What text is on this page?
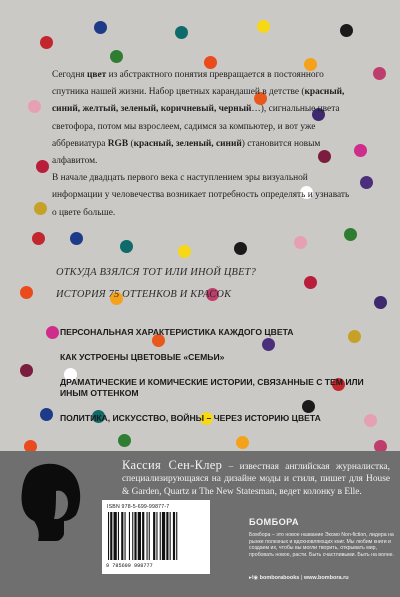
Сегодня цвет из абстрактного понятия превращается в постоянного спутника нашей жизни. Набор цветных карандашей в детстве (красный, синий, желтый, зеленый, коричневый, черный…), сигнальные цвета светофора, потом мы взрослеем, садимся за компьютер, и вот уже аббревиатура RGB (красный, зеленый, синий) становится новым алфавитом.

В начале двадцать первого века с наступлением эры визуальной информации у человечества возникает потребность определять и узнавать о цвете больше.

ОТКУДА ВЗЯЛСЯ ТОТ ИЛИ ИНОЙ ЦВЕТ?
ИСТОРИЯ 75 ОТТЕНКОВ И КРАСОК
ПЕРСОНАЛЬНАЯ ХАРАКТЕРИСТИКА КАЖДОГО ЦВЕТА
КАК УСТРОЕНЫ ЦВЕТОВЫЕ «СЕМЬИ»
ДРАМАТИЧЕСКИЕ И КОМИЧЕСКИЕ ИСТОРИИ, СВЯЗАННЫЕ С ТЕМ ИЛИ ИНЫМ ОТТЕНКОМ
ПОЛИТИКА, ИСКУССТВО, ВОЙНЫ – ЧЕРЕЗ ИСТОРИЮ ЦВЕТА
Кассия Сен-Клер – известная английская журналистка, специализирующаяся на дизайне моды и стиля, пишет для House & Garden, Quartz и The New Statesman, ведет колонку в Elle.
ISBN 978-5-699-99877-7
9 785699 998777
БОМБОРА
Бомбора – это новое название Эксмо Non-fiction, лидера на рынке полезных и вдохновляющих книг. Мы любим книги и создаем их, чтобы вы могли творить, открывать мир, пробовать новое, расти. Быть счастливыми. Быть на волне.
▸f◉ bomborabooks | www.bombora.ru
